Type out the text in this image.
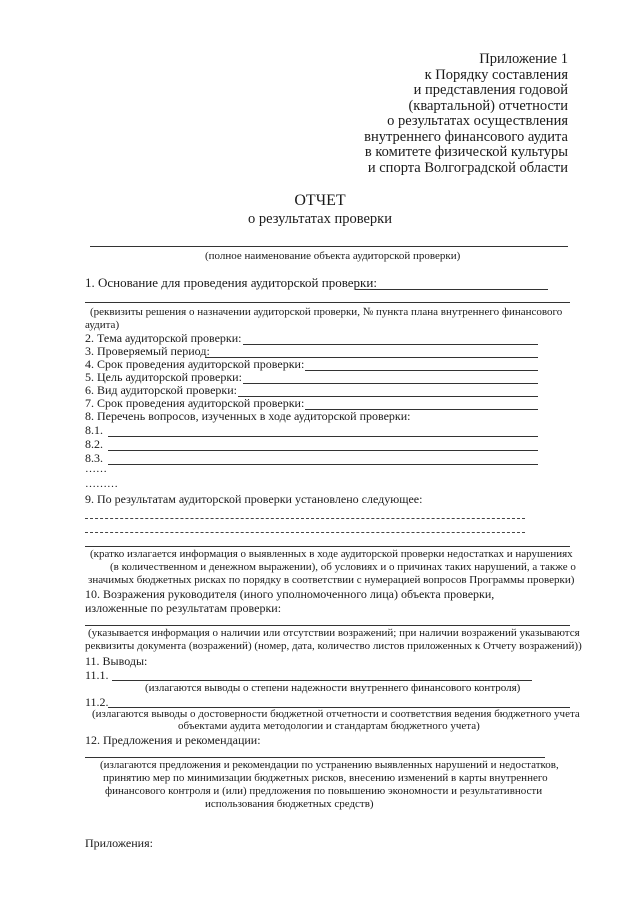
Приложение 1
к Порядку составления
и представления годовой
(квартальной) отчетности
о результатах осуществления
внутреннего финансового аудита
в комитете физической культуры
и спорта Волгоградской области
ОТЧЕТ
о результатах проверки
(полное наименование объекта аудиторской проверки)
1. Основание для проведения аудиторской проверки:
(реквизиты решения о назначении аудиторской проверки, № пункта плана внутреннего финансового
аудита)
2. Тема аудиторской проверки:
3. Проверяемый период:
4. Срок проведения аудиторской проверки:
5. Цель аудиторской проверки:
6. Вид аудиторской проверки:
7. Срок проведения аудиторской проверки:
8. Перечень вопросов, изученных в ходе аудиторской проверки:
8.1.
8.2.
8.3.
……
………
9. По результатам аудиторской проверки установлено следующее:
(кратко излагается информация о выявленных в ходе аудиторской проверки недостатках и нарушениях
(в количественном и денежном выражении), об условиях и о причинах таких нарушений, а также о
значимых бюджетных рисках по порядку в соответствии с нумерацией вопросов Программы проверки)
10. Возражения руководителя (иного уполномоченного лица) объекта проверки,
изложенные по результатам проверки:
(указывается информация о наличии или отсутствии возражений; при наличии возражений указываются
реквизиты документа (возражений) (номер, дата, количество листов приложенных к Отчету возражений))
11. Выводы:
11.1.
(излагаются выводы о степени надежности внутреннего финансового контроля)
11.2.
(излагаются выводы о достоверности бюджетной отчетности и соответствия ведения бюджетного учета
объектами аудита методологии и стандартам бюджетного учета)
12. Предложения и рекомендации:
(излагаются предложения и рекомендации по устранению выявленных нарушений и недостатков,
принятию мер по минимизации бюджетных рисков, внесению изменений в карты внутреннего
финансового контроля и (или) предложения по повышению экономности и результативности
использования бюджетных средств)
Приложения:
